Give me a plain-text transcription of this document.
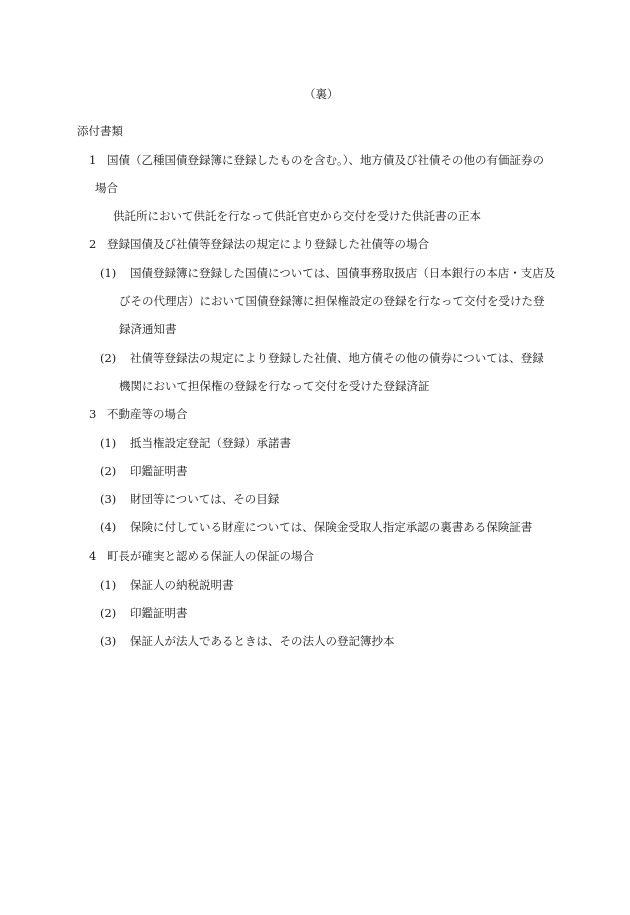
（裏）
添付書類
1 国債（乙種国債登録簿に登録したものを含む。）、地方債及び社債その他の有価証券の
場合
供託所において供託を行なって供託官吏から交付を受けた供託書の正本
2 登録国債及び社債等登録法の規定により登録した社債等の場合
(1) 国債登録簿に登録した国債については、国債事務取扱店（日本銀行の本店・支店及
びその代理店）において国債登録簿に担保権設定の登録を行なって交付を受けた登
録済通知書
(2) 社債等登録法の規定により登録した社債、地方債その他の債券については、登録
機関において担保権の登録を行なって交付を受けた登録済証
3 不動産等の場合
(1) 抵当権設定登記（登録）承諾書
(2) 印鑑証明書
(3) 財団等については、その目録
(4) 保険に付している財産については、保険金受取人指定承認の裏書ある保険証書
4 町長が確実と認める保証人の保証の場合
(1) 保証人の納税説明書
(2) 印鑑証明書
(3) 保証人が法人であるときは、その法人の登記簿抄本
